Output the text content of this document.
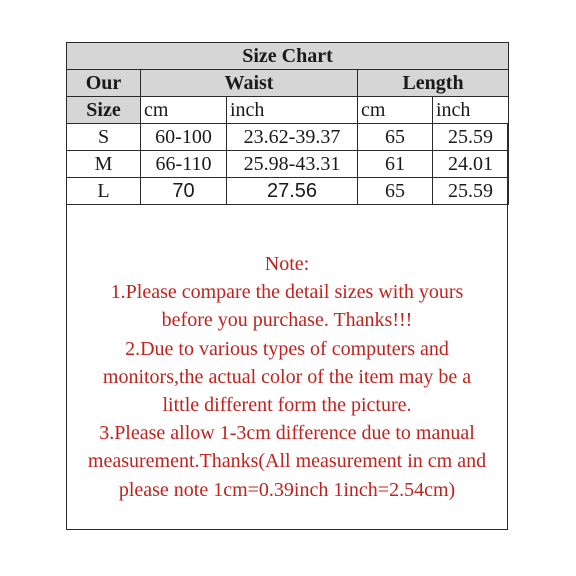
Size Chart				
Our	Waist		Length	
Size	cm	inch	cm	inch
S	60-100	23.62-39.37	65	25.59
M	66-110	25.98-43.31	61	24.01
L	70	27.56	65	25.59
Note:
1.Please compare the detail sizes with yours
before you purchase. Thanks!!!
2.Due to various types of computers and
monitors,the actual color of the item may be a
little different form the picture.
3.Please allow 1-3cm difference due to manual
measurement.Thanks(All measurement in cm and
please note 1cm=0.39inch 1inch=2.54cm)
